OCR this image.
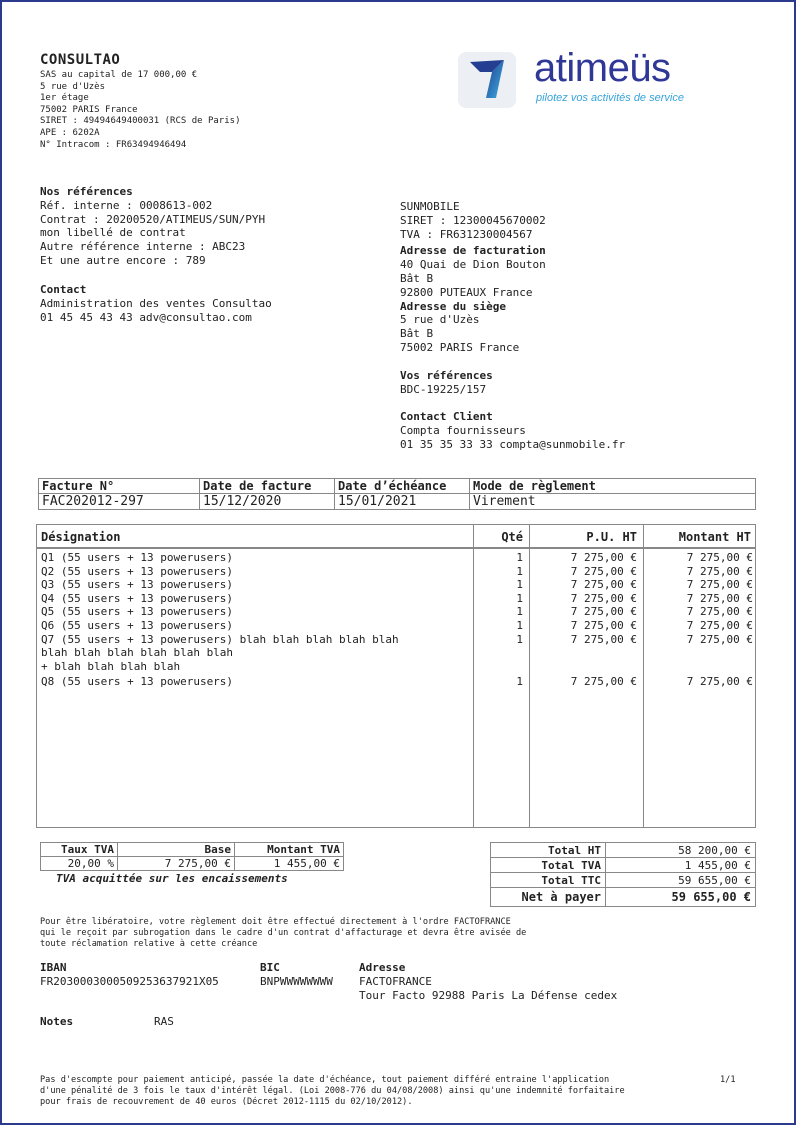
CONSULTAO
SAS au capital de 17 000,00 €
5 rue d'Uzès
1er étage
75002 PARIS France
SIRET : 49494649400031 (RCS de Paris)
APE : 6202A
N° Intracom : FR63494946494
atimeüs
pilotez vos activités de service
Nos références
Réf. interne : 0008613-002
Contrat : 20200520/ATIMEUS/SUN/PYH
mon libellé de contrat
Autre référence interne : ABC23
Et une autre encore : 789
Contact
Administration des ventes Consultao
01 45 45 43 43 adv@consultao.com
SUNMOBILE
SIRET : 12300045670002
TVA : FR631230004567
Adresse de facturation
40 Quai de Dion Bouton
Bât B
92800 PUTEAUX France
Adresse du siège
5 rue d'Uzès
Bât B
75002 PARIS France
Vos références
BDC-19225/157
Contact Client
Compta fournisseurs
01 35 35 33 33 compta@sunmobile.fr
Facture N°	Date de facture	Date d’échéance	Mode de règlement
FAC202012-297	15/12/2020	15/01/2021	Virement
Désignation	Qté	P.U. HT	Montant HT
Q1 (55 users + 13 powerusers)	1	7 275,00 €	7 275,00 €
Q2 (55 users + 13 powerusers)	1	7 275,00 €	7 275,00 €
Q3 (55 users + 13 powerusers)	1	7 275,00 €	7 275,00 €
Q4 (55 users + 13 powerusers)	1	7 275,00 €	7 275,00 €
Q5 (55 users + 13 powerusers)	1	7 275,00 €	7 275,00 €
Q6 (55 users + 13 powerusers)	1	7 275,00 €	7 275,00 €
Q7 (55 users + 13 powerusers) blah blah blah blah blah
blah blah blah blah blah blah
+ blah blah blah blah
1	7 275,00 €	7 275,00 €
Q8 (55 users + 13 powerusers)	1	7 275,00 €	7 275,00 €
Taux TVA	Base	Montant TVA
20,00 %	7 275,00 €	1 455,00 €
TVA acquittée sur les encaissements
Total HT	58 200,00 €
Total TVA	1 455,00 €
Total TTC	59 655,00 €
Net à payer	59 655,00 €
Pour être libératoire, votre règlement doit être effectué directement à l'ordre FACTOFRANCE
qui le reçoit par subrogation dans le cadre d'un contrat d'affacturage et devra être avisée de
toute réclamation relative à cette créance
IBAN
FR2030003000509253637921X05
BIC
BNPWWWWWWWW
Adresse
FACTOFRANCE
Tour Facto 92988 Paris La Défense cedex
Notes	RAS
Pas d'escompte pour paiement anticipé, passée la date d'échéance, tout paiement différé entraine l'application
d'une pénalité de 3 fois le taux d'intérêt légal. (Loi 2008-776 du 04/08/2008) ainsi qu'une indemnité forfaitaire
pour frais de recouvrement de 40 euros (Décret 2012-1115 du 02/10/2012).
1/1
